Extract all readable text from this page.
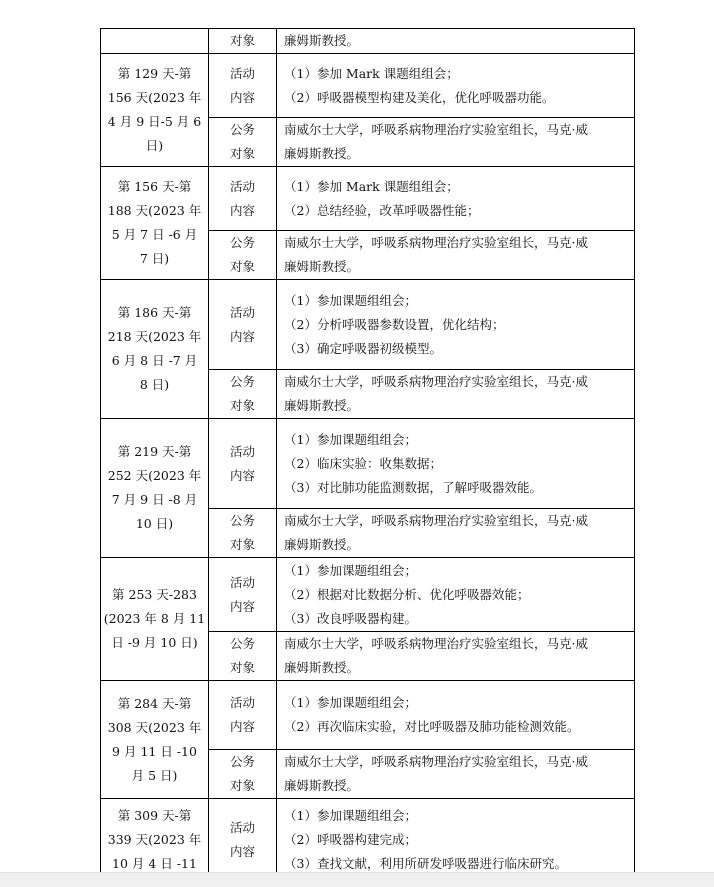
	对象	廉姆斯教授。

第 129 天-第
156 天(2023 年
4 月 9 日-5 月 6
日)	活动
内容	（1）参加 Mark 课题组组会；
（2）呼吸器模型构建及美化，优化呼吸器功能。

	公务
对象	南威尔士大学，呼吸系病物理治疗实验室组长，马克·威
廉姆斯教授。

第 156 天-第
188 天(2023 年
5 月 7 日 -6 月
7 日)	活动
内容	（1）参加 Mark 课题组组会；
（2）总结经验，改革呼吸器性能；

	公务
对象	南威尔士大学，呼吸系病物理治疗实验室组长，马克·威
廉姆斯教授。

第 186 天-第
218 天(2023 年
6 月 8 日 -7 月
8 日)	活动
内容	（1）参加课题组组会；
（2）分析呼吸器参数设置，优化结构；
（3）确定呼吸器初级模型。

	公务
对象	南威尔士大学，呼吸系病物理治疗实验室组长，马克·威
廉姆斯教授。

第 219 天-第
252 天(2023 年
7 月 9 日 -8 月
10 日)	活动
内容	（1）参加课题组组会；
（2）临床实验：收集数据；
（3）对比肺功能监测数据，了解呼吸器效能。

	公务
对象	南威尔士大学，呼吸系病物理治疗实验室组长，马克·威
廉姆斯教授。

第 253 天-283
(2023 年 8 月 11
日 -9 月 10 日)	活动
内容	（1）参加课题组组会；
（2）根据对比数据分析、优化呼吸器效能；
（3）改良呼吸器构建。

	公务
对象	南威尔士大学，呼吸系病物理治疗实验室组长，马克·威
廉姆斯教授。

第 284 天-第
308 天(2023 年
9 月 11 日 -10
月 5 日)	活动
内容	（1）参加课题组组会；
（2）再次临床实验，对比呼吸器及肺功能检测效能。

	公务
对象	南威尔士大学，呼吸系病物理治疗实验室组长，马克·威
廉姆斯教授。

第 309 天-第
339 天(2023 年
10 月 4 日 -11	活动
内容	（1）参加课题组组会；
（2）呼吸器构建完成；
（3）查找文献，利用所研发呼吸器进行临床研究。
